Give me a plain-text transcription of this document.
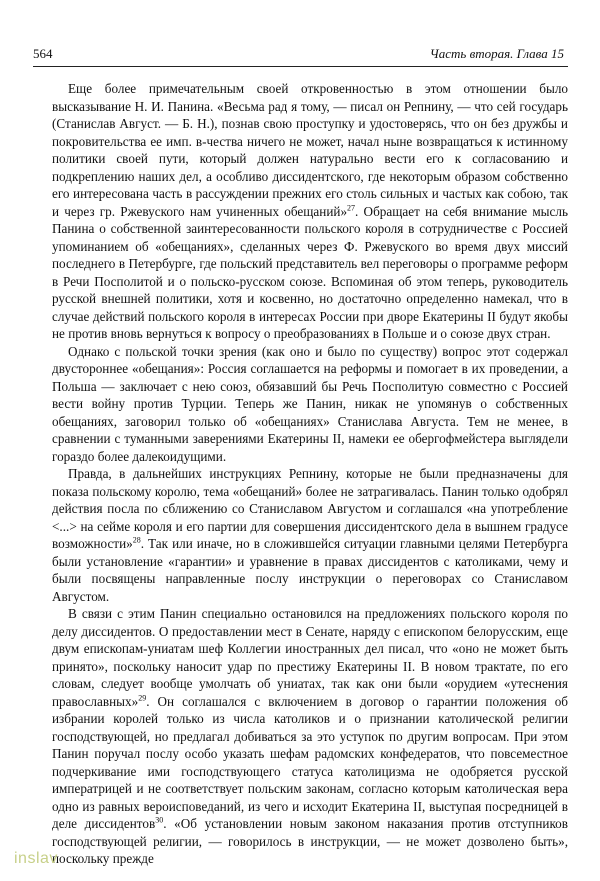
564	Часть вторая. Глава 15

Еще более примечательным своей откровенностью в этом отношении было высказывание Н. И. Панина. «Весьма рад я тому, — писал он Репнину, — что сей государь (Станислав Август. — Б. Н.), познав свою проступку и удостоверясь, что он без дружбы и покровительства ее имп. в-чества ничего не может, начал ныне возвращаться к истинному политики своей пути, который должен натурально вести его к согласованию и подкреплению наших дел, а особливо диссидентского, где некоторым образом собственно его интересована часть в рассуждении прежних его столь сильных и частых как собою, так и через гр. Ржевуского нам учиненных обещаний»$^{27}$. Обращает на себя внимание мысль Панина о собственной заинтересованности польского короля в сотрудничестве с Россией упоминанием об «обещаниях», сделанных через Ф. Ржевуского во время двух миссий последнего в Петербурге, где польский представитель вел переговоры о программе реформ в Речи Посполитой и о польско-русском союзе. Вспоминая об этом теперь, руководитель русской внешней политики, хотя и косвенно, но достаточно определенно намекал, что в случае действий польского короля в интересах России при дворе Екатерины II будут якобы не против вновь вернуться к вопросу о преобразованиях в Польше и о союзе двух стран.

Однако с польской точки зрения (как оно и было по существу) вопрос этот содержал двустороннее «обещания»: Россия соглашается на реформы и помогает в их проведении, а Польша — заключает с нею союз, обязавший бы Речь Посполитую совместно с Россией вести войну против Турции. Теперь же Панин, никак не упомянув о собственных обещаниях, заговорил только об «обещаниях» Станислава Августа. Тем не менее, в сравнении с туманными заверениями Екатерины II, намеки ее обергофмейстера выглядели гораздо более далекоидущими.

Правда, в дальнейших инструкциях Репнину, которые не были предназначены для показа польскому королю, тема «обещаний» более не затрагивалась. Панин только одобрял действия посла по сближению со Станиславом Августом и соглашался «на употребление <...> на сейме короля и его партии для совершения диссидентского дела в вышнем градусе возможности»$^{28}$. Так или иначе, но в сложившейся ситуации главными целями Петербурга были установление «гарантии» и уравнение в правах диссидентов с католиками, чему и были посвящены направленные послу инструкции о переговорах со Станиславом Августом.

В связи с этим Панин специально остановился на предложениях польского короля по делу диссидентов. О предоставлении мест в Сенате, наряду с епископом белорусским, еще двум епископам-униатам шеф Коллегии иностранных дел писал, что «оно не может быть принято», поскольку наносит удар по престижу Екатерины II. В новом трактате, по его словам, следует вообще умолчать об униатах, так как они были «орудием «утеснения православных»$^{29}$. Он соглашался с включением в договор о гарантии положения об избрании королей только из числа католиков и о признании католической религии господствующей, но предлагал добиваться за это уступок по другим вопросам. При этом Панин поручал послу особо указать шефам радомских конфедератов, что повсеместное подчеркивание ими господствующего статуса католицизма не одобряется русской императрицей и не соответствует польским законам, согласно которым католическая вера одно из равных вероисповеданий, из чего и исходит Екатерина II, выступая посредницей в деле диссидентов$^{30}$. «Об установлении новым законом наказания против отступников господствующей религии, — говорилось в инструкции, — не может дозволено быть», поскольку прежде

inslav
